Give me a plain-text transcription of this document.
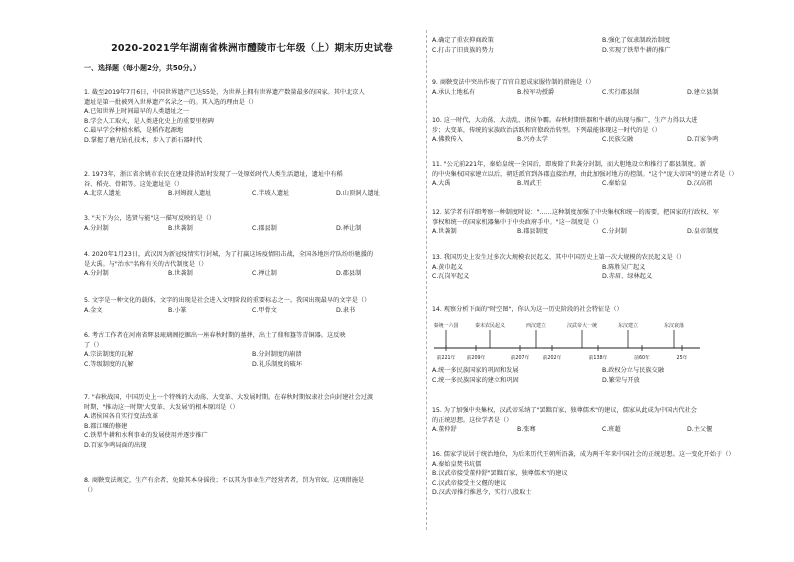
2020-2021学年湖南省株洲市醴陵市七年级（上）期末历史试卷
一、选择题（每小题2分，共50分。）

1. 截至2019年7月6日，中国世界遗产已达55处，为世界上拥有世界遗产数量最多的国家。其中北京人

遗址是第一批被列入世界遗产名录之一的。其入选的理由是（）

A.已知世界上时间最早的人类遗址之一

B.学会人工取火，是人类进化史上的重要里程碑

C.最早学会种植水稻，是稻作起源地

D.掌握了磨光钻孔技术，步入了新石器时代

2. 1973年，浙江省余姚市农民在建设排涝站时发现了一处原始时代人类生活遗址，遗址中有稻

谷、稻壳、骨耜等。这处遗址是（）

A.北京人遗址	B.河姆渡人遗址	C.半坡人遗址	D.山顶洞人遗址

3. "天下为公，选贤与能"这一描写反映的是（）

A.分封制	B.世袭制	C.郡县制	D.禅让制

4. 2020年1月23日，武汉因为新冠疫情实行封城，为了打赢这场疫情阻击战，全国各地医疗队纷纷驰援的

是大禹。与"治水"名称有关的古代制度是（）

A.分封制	B.世袭制	C.禅让制	D.郡县制

5. 文字是一种文化的载体，文字的出现是社会进入文明阶段的重要标志之一。我国出现最早的文字是（）

A.金文	B.小篆	C.甲骨文	D.隶书

6. 考古工作者在河南省辉县琉璃阁挖掘出一座春秋时期的墓葬，出土了鼎和簋等青铜器。这反映

了（）

A.宗法制度的瓦解	B.分封制度的崩溃
C.等级制度的瓦解	D.礼乐制度的破坏

7. "春秋战国，中国历史上一个特殊的大动荡、大变革、大发展时期。在春秋时期奴隶社会向封建社会过渡

时期，"推动这一时期'大变革、大发展'的根本原因是（）

A.诸侯国各自实行变法改革

B.都江堰的修建

C.铁犁牛耕和水利事业的发展使用并逐步推广

D.百家争鸣局面的出现

8. 商鞅变法规定，生产有余者，免除其本身徭役；不以其为事业生产经营者者，罚为官奴。这项措施是

（）

A.确定了重农抑商政策	B.强化了奴隶制政治制度
C.打击了旧贵族的势力	D.实现了铁犁牛耕的推广

9. 商鞅变法中突出作废了百官自愿成家服侍制的措施是（）

A.承认土地私有	B.按军功授爵	C.实行郡县制	D.建立县制

10. 这一时代，大动荡、大动乱、诸侯争霸。春秋时期铁器和牛耕的出现与推广，生产力得以大进

步；大变革，传统的家族政治活跃和官僚政治转型。下列最能体现这一时代的是（）

A.佛教传入	B.兴办太学	C.民族交融	D.百家争鸣

11. "公元前221年，秦始皇统一全国后，即废除了世袭分封制，而大胆地设立和推行了郡县制度。新

的中央集权国家建立以后，朝廷派官到各郡直接治理，由此加强对地方的控制。"这个"庞大帝国"的建立者是（）

A.大禹	B.周武王	C.秦始皇	D.汉高祖

12. 某学者有详细考察一种制度时说："……这种制度加强了中央集权和统一的需要，把国家的行政权、军

事权和统一的国家机器集中于中央政府手中。"这一制度是（）

A.世袭制	B.郡县制度	C.分封制	D.皇帝制度

13. 我国历史上发生过多次大规模农民起义，其中中国历史上第一次大规模的农民起义是（）

A.黄巾起义	B.陈胜吴广起义
C.瓦岗军起义	D.赤眉、绿林起义

14. 观察分析下面的"时空图"，你认为这一历史阶段的社会特征是（）

秦统一六国	秦末农民起义	西汉建立	汉武帝大一统	东汉建立	东汉衰落
前221年 前209年	前207年	前202年	前138年	前60年	25年
A.统一多民族国家的巩固和发展	B.政权分立与民族交融
C.统一多民族国家的建立和巩固	D.繁荣与开放

15. 为了加强中央集权，汉武帝采纳了"罢黜百家，独尊儒术"的建议，儒家从此成为中国古代社会

的正统思想。这位学者是（）

A.董仲舒	B.张骞	C.班超	D.主父偃

16. 儒家学说居于统治地位，为后来历代王朝所沿袭，成为两千年来中国社会的正统思想。这一变化开始于（）

A.秦始皇焚书坑儒

B.汉武帝接受董仲舒"罢黜百家，独尊儒术"的建议

C.汉武帝接受主父偃的建议

D.汉武帝推行推恩令，实行八股取士
